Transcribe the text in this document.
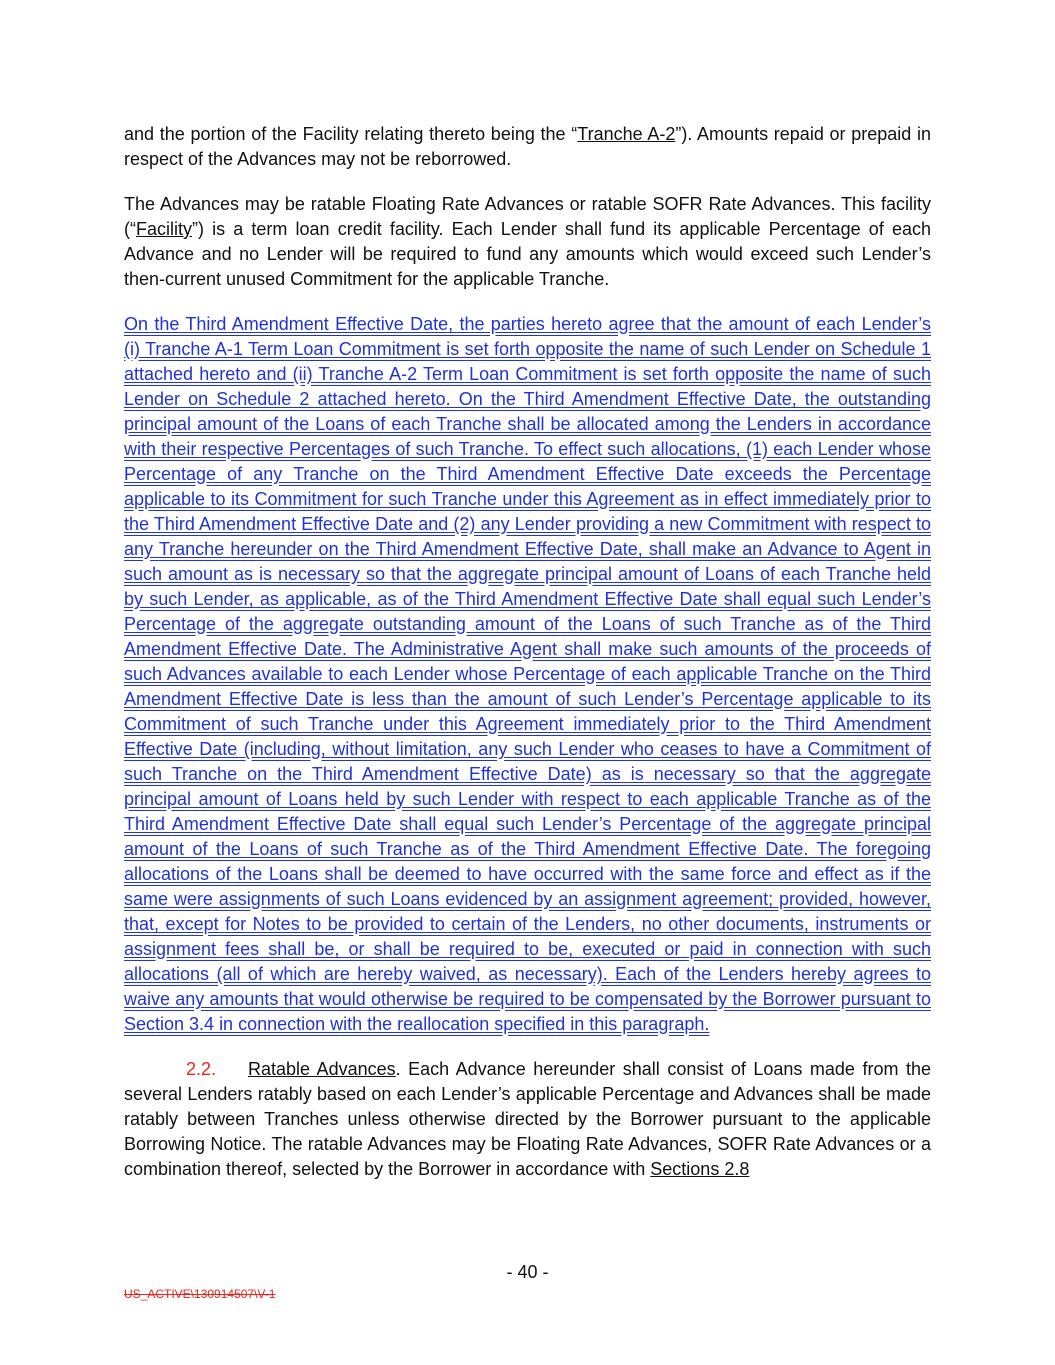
and the portion of the Facility relating thereto being the “Tranche A-2”). Amounts repaid or prepaid in respect of the Advances may not be reborrowed.

The Advances may be ratable Floating Rate Advances or ratable SOFR Rate Advances. This facility (“Facility”) is a term loan credit facility. Each Lender shall fund its applicable Percentage of each Advance and no Lender will be required to fund any amounts which would exceed such Lender’s then-current unused Commitment for the applicable Tranche.

On the Third Amendment Effective Date, the parties hereto agree that the amount of each Lender’s (i) Tranche A-1 Term Loan Commitment is set forth opposite the name of such Lender on Schedule 1 attached hereto and (ii) Tranche A-2 Term Loan Commitment is set forth opposite the name of such Lender on Schedule 2 attached hereto. On the Third Amendment Effective Date, the outstanding principal amount of the Loans of each Tranche shall be allocated among the Lenders in accordance with their respective Percentages of such Tranche. To effect such allocations, (1) each Lender whose Percentage of any Tranche on the Third Amendment Effective Date exceeds the Percentage applicable to its Commitment for such Tranche under this Agreement as in effect immediately prior to the Third Amendment Effective Date and (2) any Lender providing a new Commitment with respect to any Tranche hereunder on the Third Amendment Effective Date, shall make an Advance to Agent in such amount as is necessary so that the aggregate principal amount of Loans of each Tranche held by such Lender, as applicable, as of the Third Amendment Effective Date shall equal such Lender’s Percentage of the aggregate outstanding amount of the Loans of such Tranche as of the Third Amendment Effective Date. The Administrative Agent shall make such amounts of the proceeds of such Advances available to each Lender whose Percentage of each applicable Tranche on the Third Amendment Effective Date is less than the amount of such Lender’s Percentage applicable to its Commitment of such Tranche under this Agreement immediately prior to the Third Amendment Effective Date (including, without limitation, any such Lender who ceases to have a Commitment of such Tranche on the Third Amendment Effective Date) as is necessary so that the aggregate principal amount of Loans held by such Lender with respect to each applicable Tranche as of the Third Amendment Effective Date shall equal such Lender’s Percentage of the aggregate principal amount of the Loans of such Tranche as of the Third Amendment Effective Date. The foregoing allocations of the Loans shall be deemed to have occurred with the same force and effect as if the same were assignments of such Loans evidenced by an assignment agreement; provided, however, that, except for Notes to be provided to certain of the Lenders, no other documents, instruments or assignment fees shall be, or shall be required to be, executed or paid in connection with such allocations (all of which are hereby waived, as necessary). Each of the Lenders hereby agrees to waive any amounts that would otherwise be required to be compensated by the Borrower pursuant to Section 3.4 in connection with the reallocation specified in this paragraph.

2.2. Ratable Advances. Each Advance hereunder shall consist of Loans made from the several Lenders ratably based on each Lender’s applicable Percentage and Advances shall be made ratably between Tranches unless otherwise directed by the Borrower pursuant to the applicable Borrowing Notice. The ratable Advances may be Floating Rate Advances, SOFR Rate Advances or a combination thereof, selected by the Borrower in accordance with Sections 2.8

- 40 -
US_ACTIVE\130914507\V-1
